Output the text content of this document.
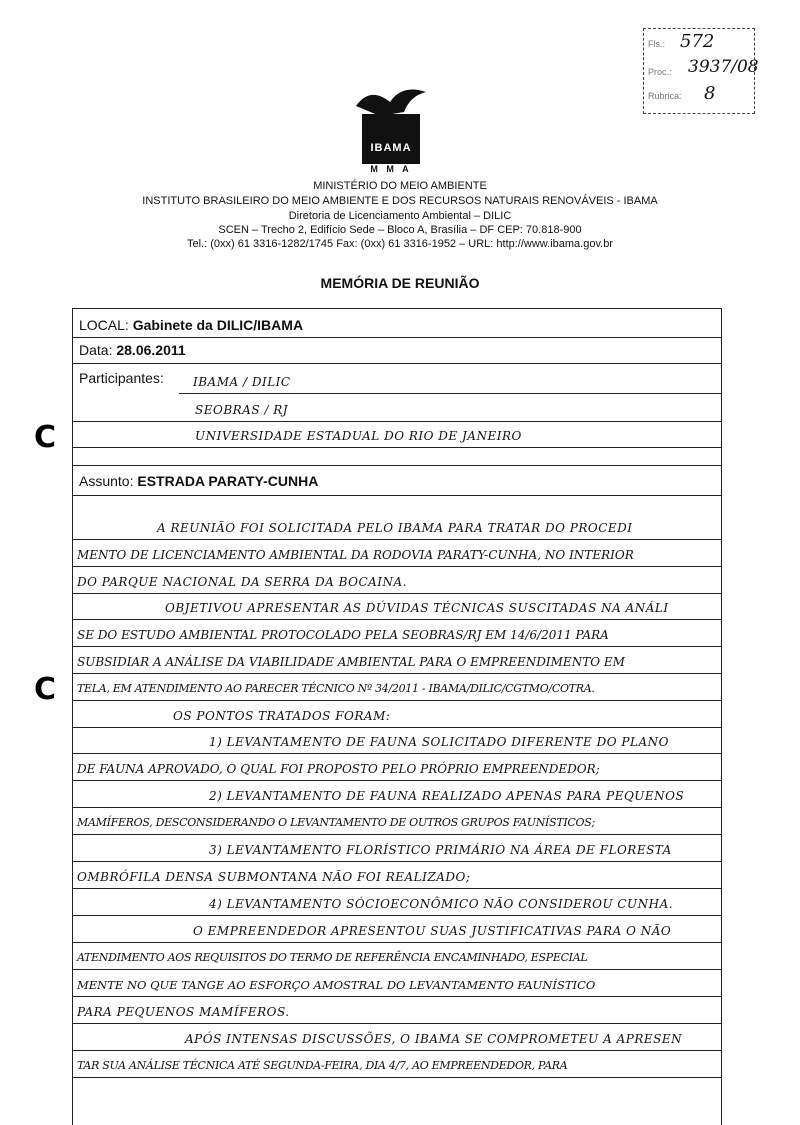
Fls.:
Proc.:
Rubrica:
572
3937/08
8
IBAMA
M M A
MINISTÉRIO DO MEIO AMBIENTE
INSTITUTO BRASILEIRO DO MEIO AMBIENTE E DOS RECURSOS NATURAIS RENOVÁVEIS - IBAMA
Diretoria de Licenciamento Ambiental – DILIC
SCEN – Trecho 2, Edifício Sede – Bloco A, Brasília – DF CEP: 70.818-900
Tel.: (0xx) 61 3316-1282/1745 Fax: (0xx) 61 3316-1952 – URL: http://www.ibama.gov.br
MEMÓRIA DE REUNIÃO
C
C
LOCAL: Gabinete da DILIC/IBAMA
Data: 28.06.2011
Participantes: IBAMA / DILIC
SEOBRAS / RJ
UNIVERSIDADE ESTADUAL DO RIO DE JANEIRO
Assunto: ESTRADA PARATY-CUNHA
A REUNIÃO FOI SOLICITADA PELO IBAMA PARA TRATAR DO PROCEDI
MENTO DE LICENCIAMENTO AMBIENTAL DA RODOVIA PARATY-CUNHA, NO INTERIOR
DO PARQUE NACIONAL DA SERRA DA BOCAINA.
OBJETIVOU APRESENTAR AS DÚVIDAS TÉCNICAS SUSCITADAS NA ANÁLI
SE DO ESTUDO AMBIENTAL PROTOCOLADO PELA SEOBRAS/RJ EM 14/6/2011 PARA
SUBSIDIAR A ANÁLISE DA VIABILIDADE AMBIENTAL PARA O EMPREENDIMENTO EM
TELA, EM ATENDIMENTO AO PARECER TÉCNICO Nº 34/2011 - IBAMA/DILIC/CGTMO/COTRA.
OS PONTOS TRATADOS FORAM:
1) LEVANTAMENTO DE FAUNA SOLICITADO DIFERENTE DO PLANO
DE FAUNA APROVADO, O QUAL FOI PROPOSTO PELO PRÓPRIO EMPREENDEDOR;
2) LEVANTAMENTO DE FAUNA REALIZADO APENAS PARA PEQUENOS
MAMÍFEROS, DESCONSIDERANDO O LEVANTAMENTO DE OUTROS GRUPOS FAUNÍSTICOS;
3) LEVANTAMENTO FLORÍSTICO PRIMÁRIO NA ÁREA DE FLORESTA
OMBRÓFILA DENSA SUBMONTANA NÃO FOI REALIZADO;
4) LEVANTAMENTO SÓCIOECONÔMICO NÃO CONSIDEROU CUNHA.
O EMPREENDEDOR APRESENTOU SUAS JUSTIFICATIVAS PARA O NÃO
ATENDIMENTO AOS REQUISITOS DO TERMO DE REFERÊNCIA ENCAMINHADO, ESPECIAL
MENTE NO QUE TANGE AO ESFORÇO AMOSTRAL DO LEVANTAMENTO FAUNÍSTICO
PARA PEQUENOS MAMÍFEROS.
APÓS INTENSAS DISCUSSÕES, O IBAMA SE COMPROMETEU A APRESEN
TAR SUA ANÁLISE TÉCNICA ATÉ SEGUNDA-FEIRA, DIA 4/7, AO EMPREENDEDOR, PARA
